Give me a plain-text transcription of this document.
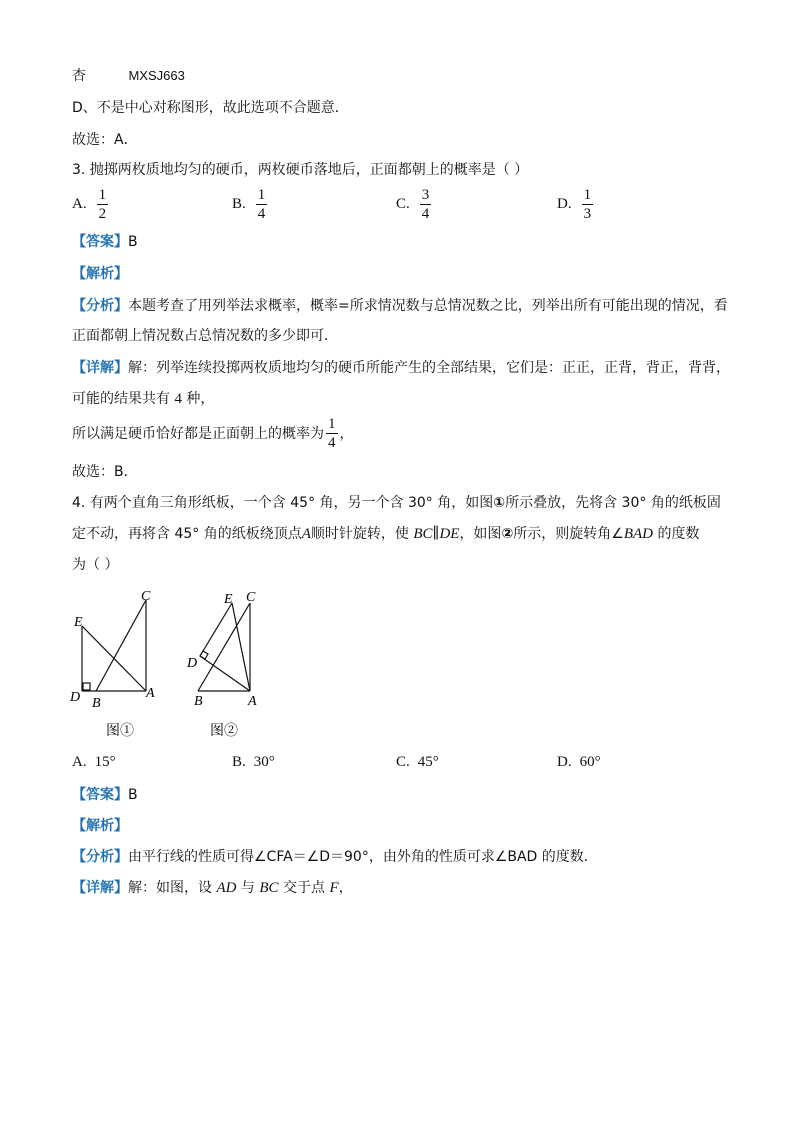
杏	MXSJ663
D、不是中心对称图形，故此选项不合题意．
故选：A．
3. 抛掷两枚质地均匀的硬币，两枚硬币落地后，正面都朝上的概率是（ ）
A. $\frac{1}{2}$	B. $\frac{1}{4}$	C. $\frac{3}{4}$	D. $\frac{1}{3}$
【答案】B
【解析】
【分析】本题考查了用列举法求概率，概率=所求情况数与总情况数之比，列举出所有可能出现的情况，看
正面都朝上情况数占总情况数的多少即可．
【详解】解：列举连续投掷两枚质地均匀的硬币所能产生的全部结果，它们是：正正，正背，背正，背背，
可能的结果共有 4 种，
所以满足硬币恰好都是正面朝上的概率为 $\frac{1}{4}$ ，
故选：B．
4. 有两个直角三角形纸板，一个含 45° 角，另一个含 30° 角，如图①所示叠放，先将含 30° 角的纸板固
定不动，再将含 45° 角的纸板绕顶点A顺时针旋转，使 BC∥DE，如图②所示，则旋转角∠BAD 的度数
为（ ）
C
E
D B
A
图①
E C
D
B	A
图②
A. 15°	B. 30°	C. 45°	D. 60°
【答案】B
【解析】
【分析】由平行线的性质可得∠CFA＝∠D＝90°，由外角的性质可求∠BAD 的度数．
【详解】解：如图，设 AD 与 BC 交于点 F，
